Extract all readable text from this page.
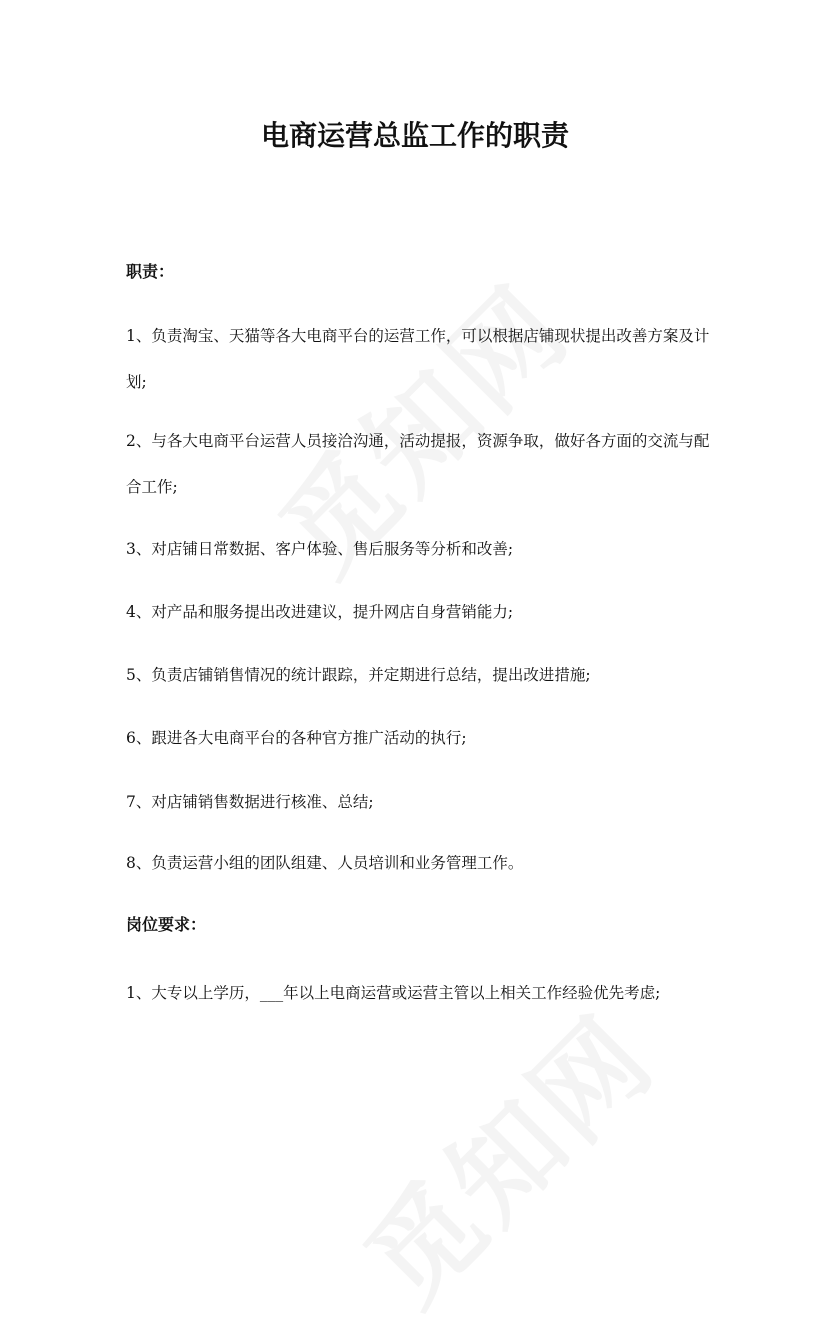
电商运营总监工作的职责
职责：

1、负责淘宝、天猫等各大电商平台的运营工作，可以根据店铺现状提出改善方案及计划;

2、与各大电商平台运营人员接洽沟通，活动提报，资源争取，做好各方面的交流与配合工作;

3、对店铺日常数据、客户体验、售后服务等分析和改善;

4、对产品和服务提出改进建议，提升网店自身营销能力;

5、负责店铺销售情况的统计跟踪，并定期进行总结，提出改进措施;

6、跟进各大电商平台的各种官方推广活动的执行;

7、对店铺销售数据进行核准、总结;

8、负责运营小组的团队组建、人员培训和业务管理工作。

岗位要求：

1、大专以上学历，___年以上电商运营或运营主管以上相关工作经验优先考虑;
